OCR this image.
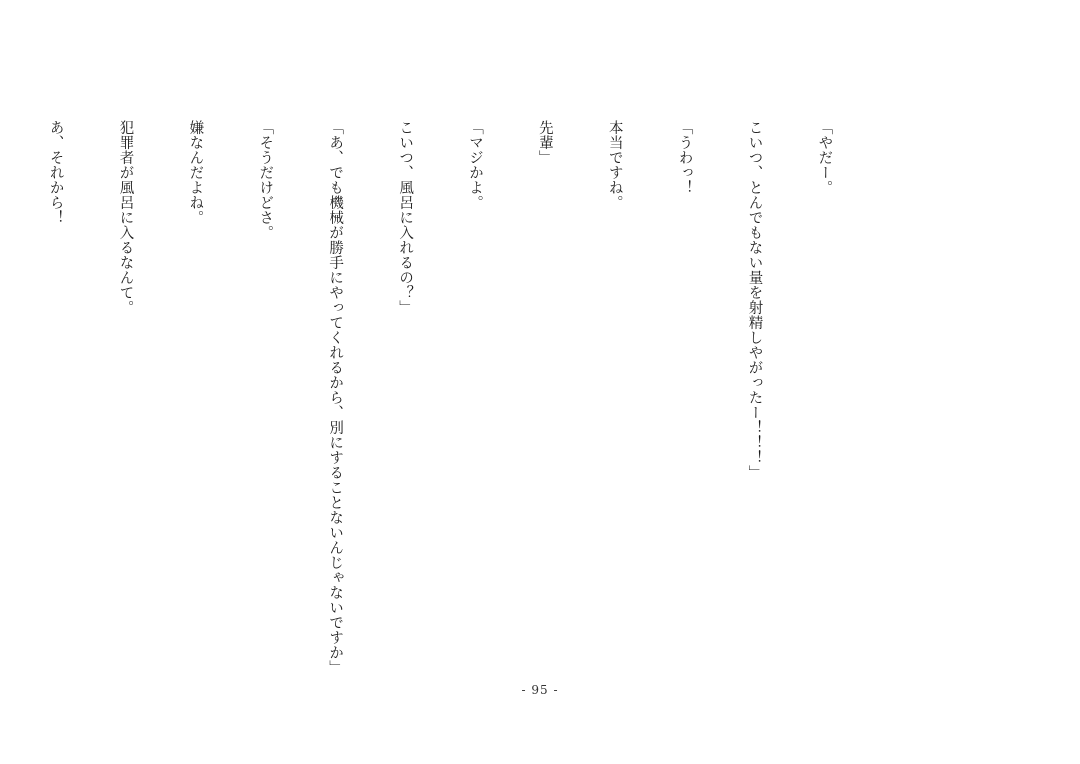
「やだー。

こいつ、とんでもない量を射精しやがったー！！！」

「うわっ！

本当ですね。

先輩」

「マジかよ。

こいつ、風呂に入れるの？」

「あ、でも機械が勝手にやってくれるから、別にすることないんじゃないですか」

「そうだけどさ。

嫌なんだよね。

犯罪者が風呂に入るなんて。

あ、それから！

- 95 -
